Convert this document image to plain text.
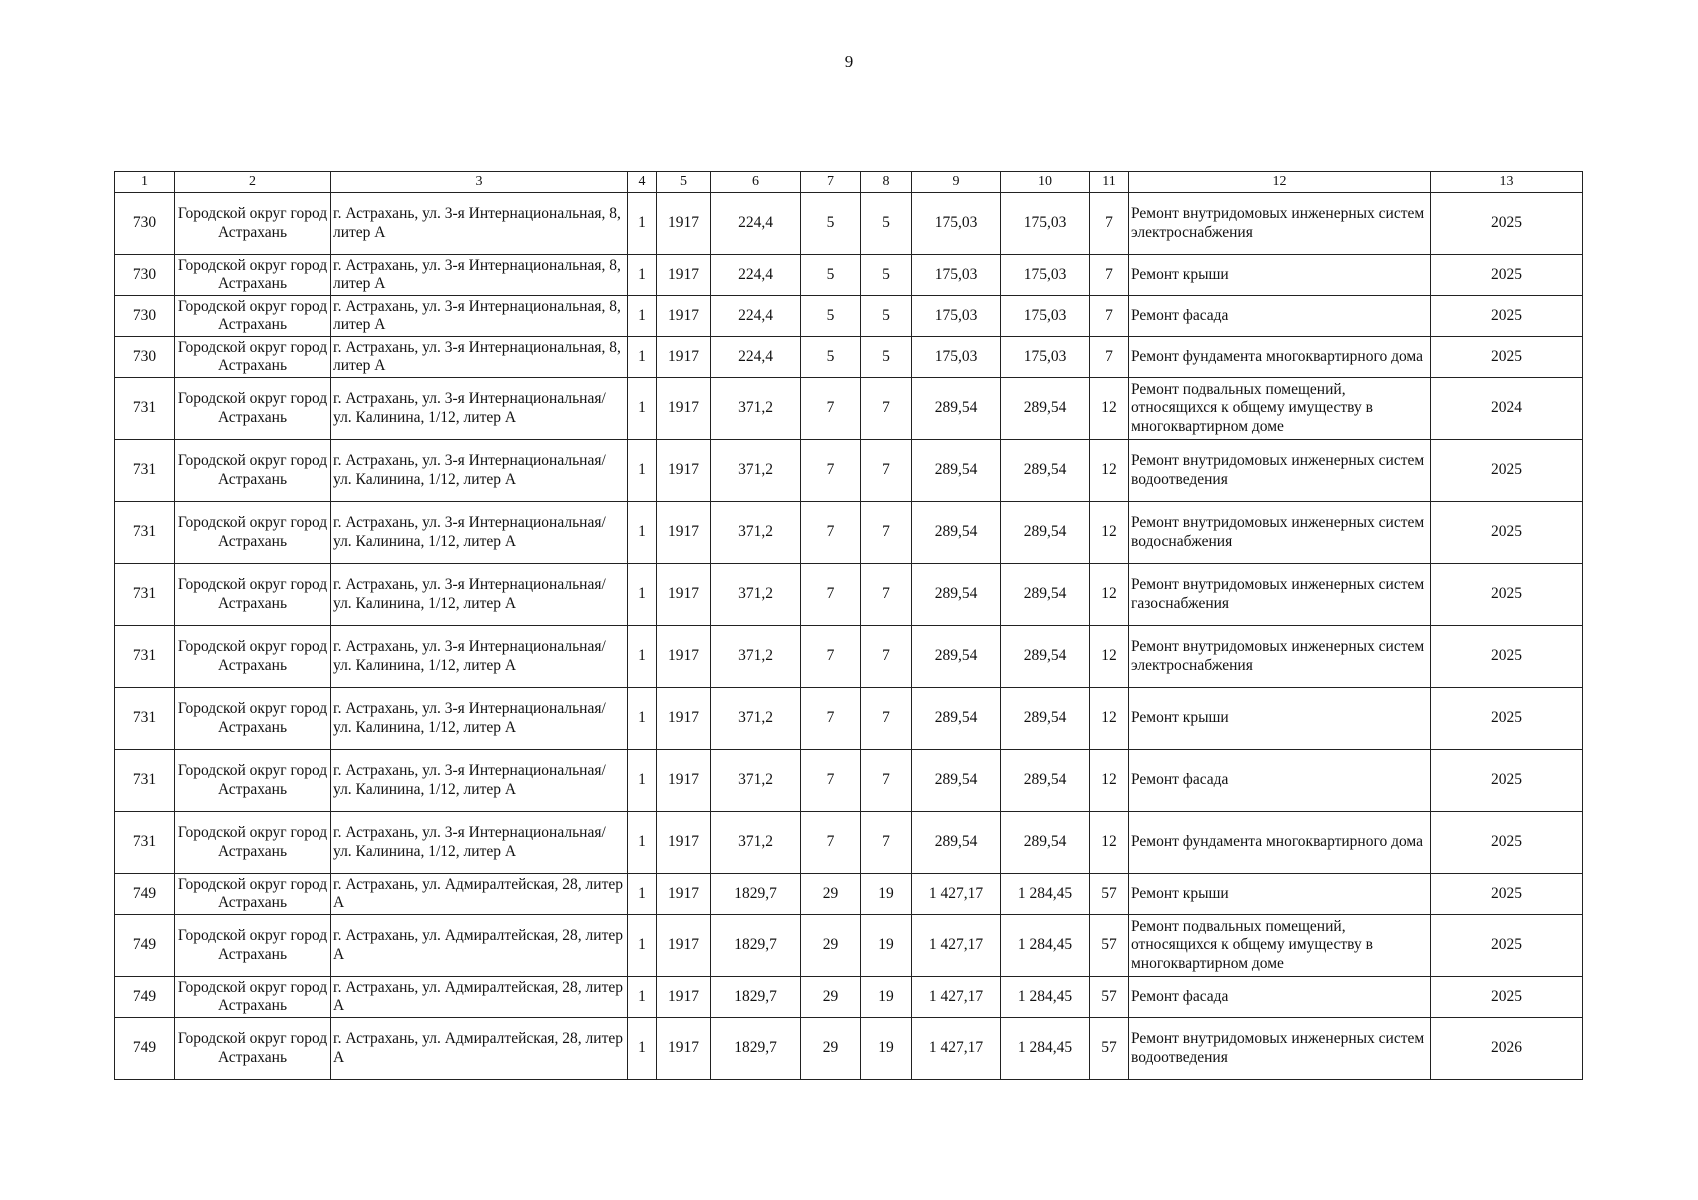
9
1	2	3	4	5	6	7	8	9	10	11	12	13
730	Городской округ город Астрахань	г. Астрахань, ул. 3-я Интернациональная, 8, литер А	1	1917	224,4	5	5	175,03	175,03	7	Ремонт внутридомовых инженерных систем электроснабжения	2025
730	Городской округ город Астрахань	г. Астрахань, ул. 3-я Интернациональная, 8, литер А	1	1917	224,4	5	5	175,03	175,03	7	Ремонт крыши	2025
730	Городской округ город Астрахань	г. Астрахань, ул. 3-я Интернациональная, 8, литер А	1	1917	224,4	5	5	175,03	175,03	7	Ремонт фасада	2025
730	Городской округ город Астрахань	г. Астрахань, ул. 3-я Интернациональная, 8, литер А	1	1917	224,4	5	5	175,03	175,03	7	Ремонт фундамента многоквартирного дома	2025
731	Городской округ город Астрахань	г. Астрахань, ул. 3-я Интернациональная/ ул. Калинина, 1/12, литер А	1	1917	371,2	7	7	289,54	289,54	12	Ремонт подвальных помещений, относящихся к общему имуществу в многоквартирном доме	2024
731	Городской округ город Астрахань	г. Астрахань, ул. 3-я Интернациональная/ ул. Калинина, 1/12, литер А	1	1917	371,2	7	7	289,54	289,54	12	Ремонт внутридомовых инженерных систем водоотведения	2025
731	Городской округ город Астрахань	г. Астрахань, ул. 3-я Интернациональная/ ул. Калинина, 1/12, литер А	1	1917	371,2	7	7	289,54	289,54	12	Ремонт внутридомовых инженерных систем водоснабжения	2025
731	Городской округ город Астрахань	г. Астрахань, ул. 3-я Интернациональная/ ул. Калинина, 1/12, литер А	1	1917	371,2	7	7	289,54	289,54	12	Ремонт внутридомовых инженерных систем газоснабжения	2025
731	Городской округ город Астрахань	г. Астрахань, ул. 3-я Интернациональная/ ул. Калинина, 1/12, литер А	1	1917	371,2	7	7	289,54	289,54	12	Ремонт внутридомовых инженерных систем электроснабжения	2025
731	Городской округ город Астрахань	г. Астрахань, ул. 3-я Интернациональная/ ул. Калинина, 1/12, литер А	1	1917	371,2	7	7	289,54	289,54	12	Ремонт крыши	2025
731	Городской округ город Астрахань	г. Астрахань, ул. 3-я Интернациональная/ ул. Калинина, 1/12, литер А	1	1917	371,2	7	7	289,54	289,54	12	Ремонт фасада	2025
731	Городской округ город Астрахань	г. Астрахань, ул. 3-я Интернациональная/ ул. Калинина, 1/12, литер А	1	1917	371,2	7	7	289,54	289,54	12	Ремонт фундамента многоквартирного дома	2025
749	Городской округ город Астрахань	г. Астрахань, ул. Адмиралтейская, 28, литер А	1	1917	1829,7	29	19	1 427,17	1 284,45	57	Ремонт крыши	2025
749	Городской округ город Астрахань	г. Астрахань, ул. Адмиралтейская, 28, литер А	1	1917	1829,7	29	19	1 427,17	1 284,45	57	Ремонт подвальных помещений, относящихся к общему имуществу в многоквартирном доме	2025
749	Городской округ город Астрахань	г. Астрахань, ул. Адмиралтейская, 28, литер А	1	1917	1829,7	29	19	1 427,17	1 284,45	57	Ремонт фасада	2025
749	Городской округ город Астрахань	г. Астрахань, ул. Адмиралтейская, 28, литер А	1	1917	1829,7	29	19	1 427,17	1 284,45	57	Ремонт внутридомовых инженерных систем водоотведения	2026
